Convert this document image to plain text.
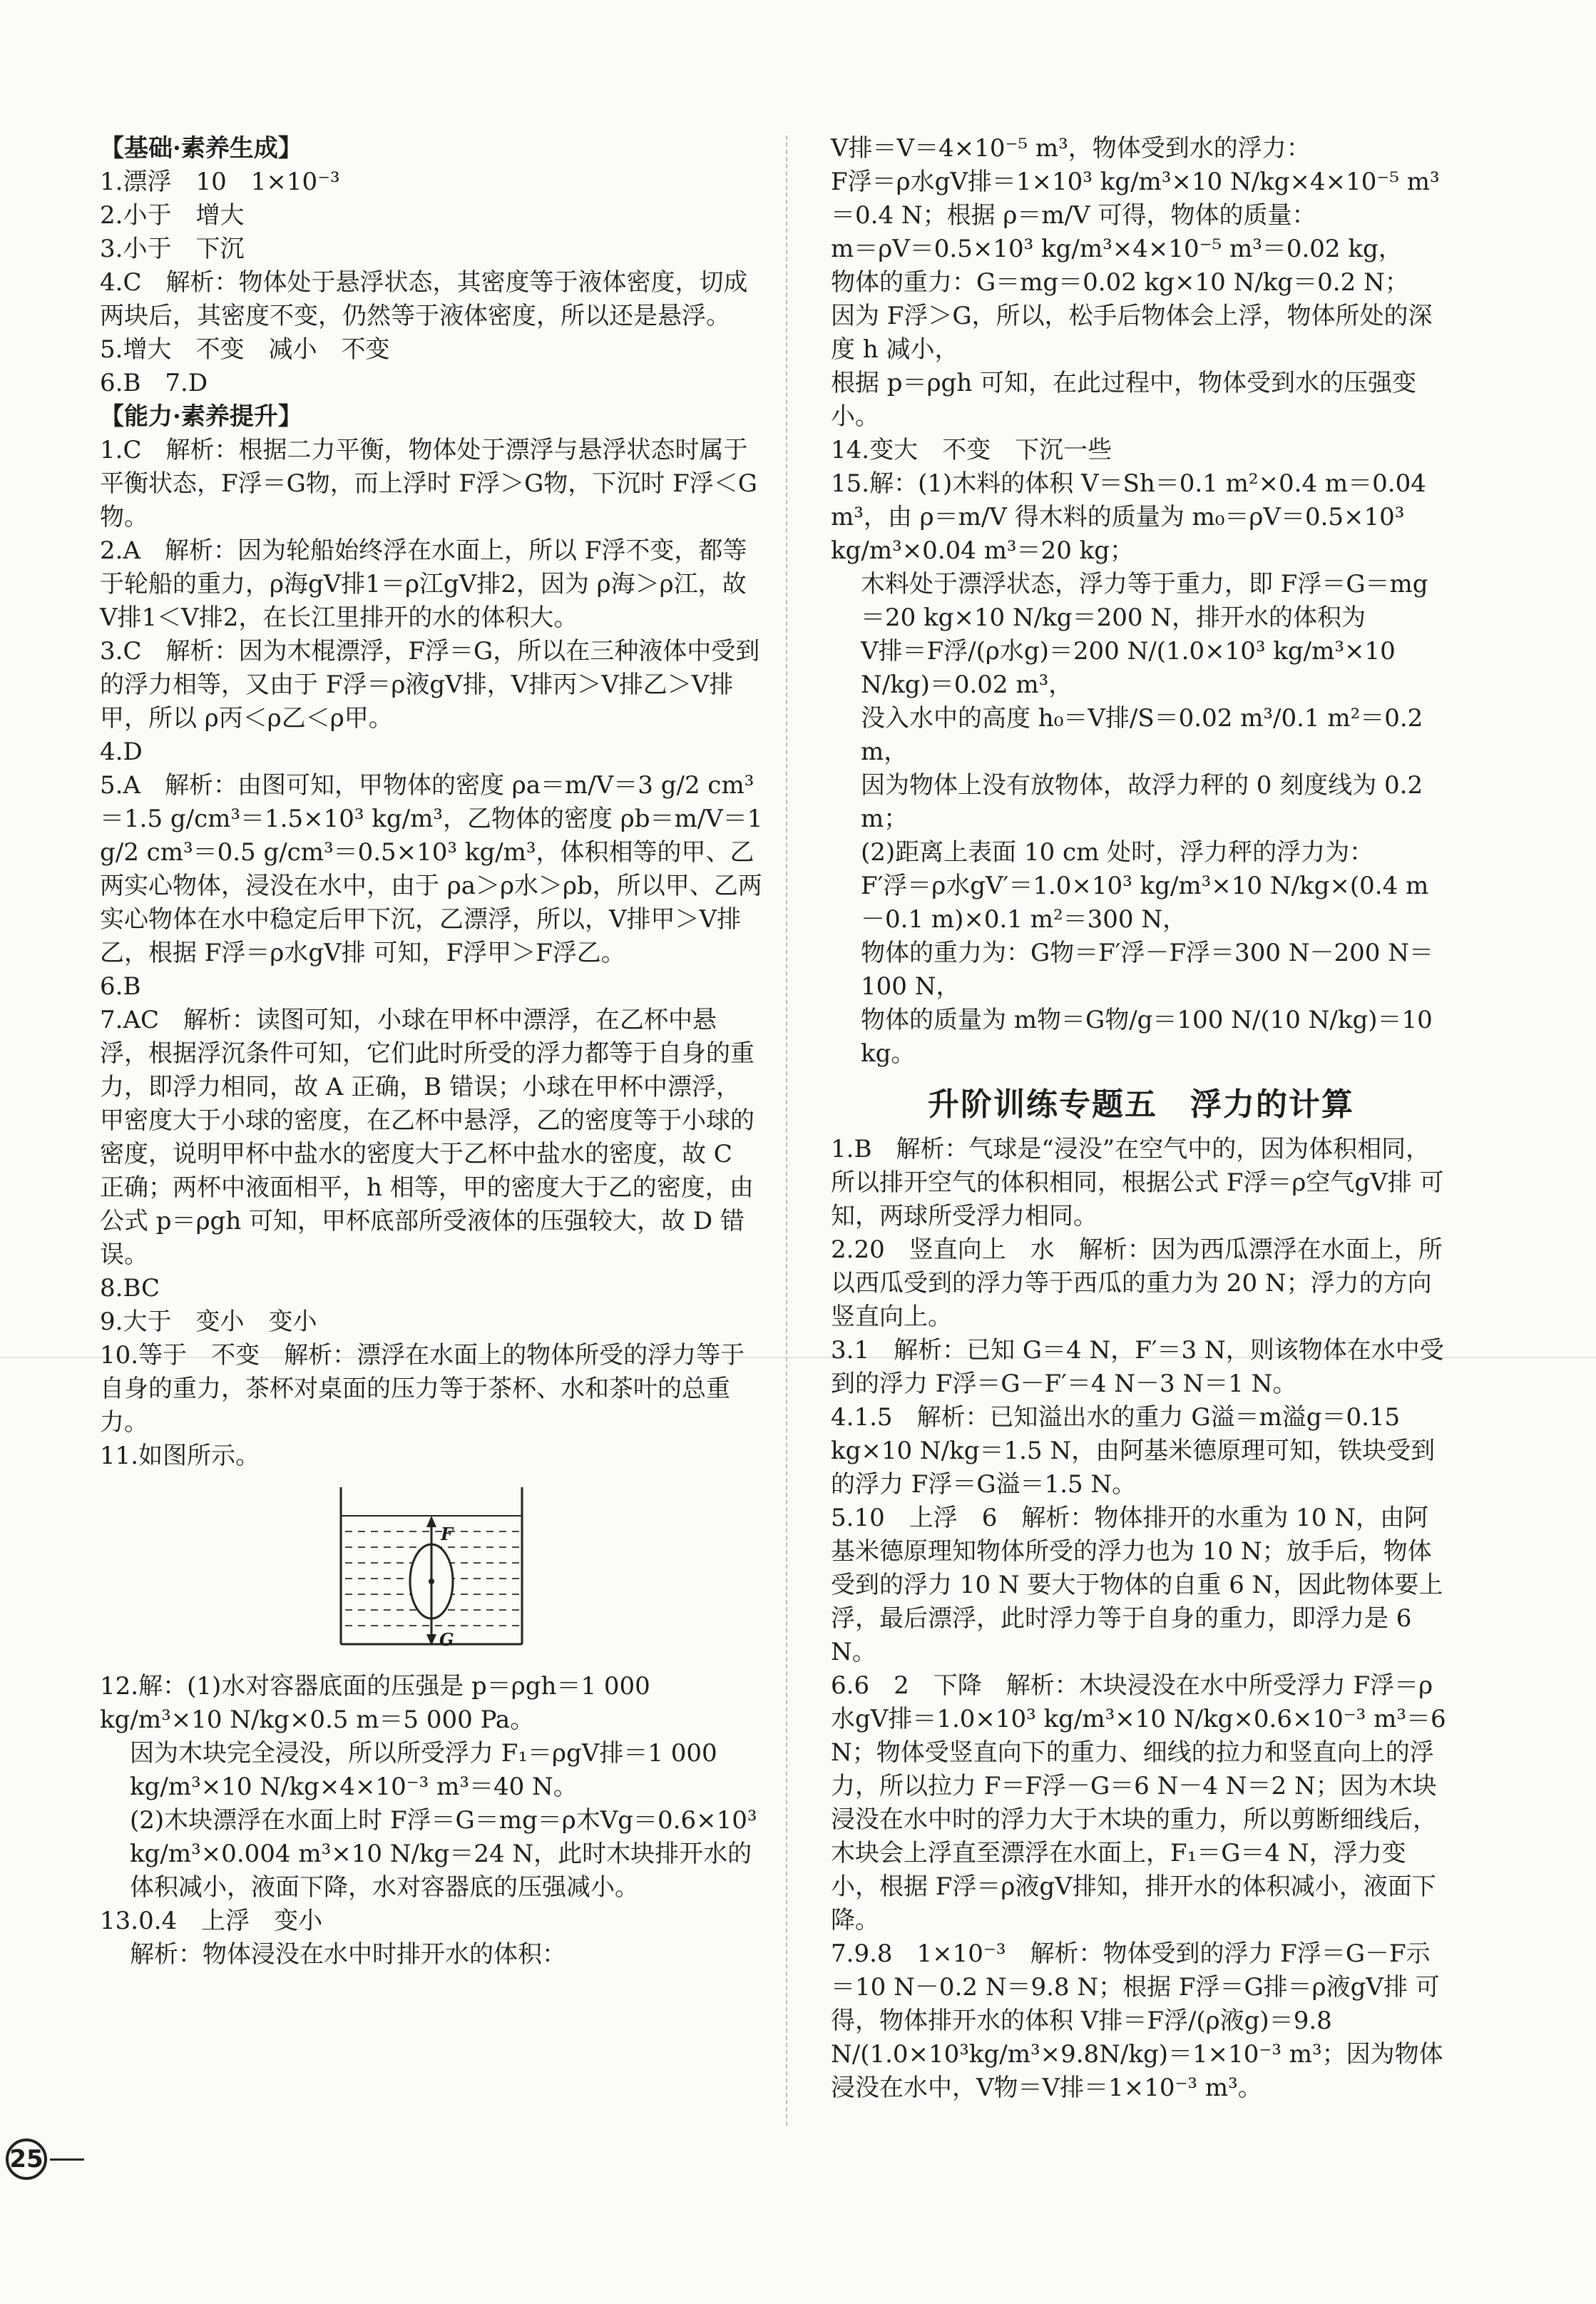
【基础·素养生成】

1.漂浮　10　1×10⁻³

2.小于　增大

3.小于　下沉

4.C　解析：物体处于悬浮状态，其密度等于液体密度，切成两块后，其密度不变，仍然等于液体密度，所以还是悬浮。

5.增大　不变　减小　不变

6.B　7.D

【能力·素养提升】

1.C　解析：根据二力平衡，物体处于漂浮与悬浮状态时属于平衡状态，F浮＝G物，而上浮时 F浮＞G物，下沉时 F浮＜G物。

2.A　解析：因为轮船始终浮在水面上，所以 F浮不变，都等于轮船的重力，ρ海gV排1＝ρ江gV排2，因为 ρ海＞ρ江，故 V排1＜V排2，在长江里排开的水的体积大。

3.C　解析：因为木棍漂浮，F浮＝G，所以在三种液体中受到的浮力相等，又由于 F浮＝ρ液gV排，V排丙＞V排乙＞V排甲，所以 ρ丙＜ρ乙＜ρ甲。

4.D

5.A　解析：由图可知，甲物体的密度 ρa＝m/V＝3 g/2 cm³＝1.5 g/cm³＝1.5×10³ kg/m³，乙物体的密度 ρb＝m/V＝1 g/2 cm³＝0.5 g/cm³＝0.5×10³ kg/m³，体积相等的甲、乙两实心物体，浸没在水中，由于 ρa＞ρ水＞ρb，所以甲、乙两实心物体在水中稳定后甲下沉，乙漂浮，所以，V排甲＞V排乙，根据 F浮＝ρ水gV排 可知，F浮甲＞F浮乙。

6.B

7.AC　解析：读图可知，小球在甲杯中漂浮，在乙杯中悬浮，根据浮沉条件可知，它们此时所受的浮力都等于自身的重力，即浮力相同，故 A 正确，B 错误；小球在甲杯中漂浮，甲密度大于小球的密度，在乙杯中悬浮，乙的密度等于小球的密度，说明甲杯中盐水的密度大于乙杯中盐水的密度，故 C 正确；两杯中液面相平，h 相等，甲的密度大于乙的密度，由公式 p＝ρgh 可知，甲杯底部所受液体的压强较大，故 D 错误。

8.BC

9.大于　变小　变小

10.等于　不变　解析：漂浮在水面上的物体所受的浮力等于自身的重力，茶杯对桌面的压力等于茶杯、水和茶叶的总重力。

11.如图所示。

F
G

12.解：(1)水对容器底面的压强是 p＝ρgh＝1 000 kg/m³×10 N/kg×0.5 m＝5 000 Pa。

因为木块完全浸没，所以所受浮力 F₁＝ρgV排＝1 000 kg/m³×10 N/kg×4×10⁻³ m³＝40 N。

(2)木块漂浮在水面上时 F浮＝G＝mg＝ρ木Vg＝0.6×10³ kg/m³×0.004 m³×10 N/kg＝24 N，此时木块排开水的体积减小，液面下降，水对容器底的压强减小。

13.0.4　上浮　变小

解析：物体浸没在水中时排开水的体积：

V排＝V＝4×10⁻⁵ m³，物体受到水的浮力：

F浮＝ρ水gV排＝1×10³ kg/m³×10 N/kg×4×10⁻⁵ m³＝0.4 N；根据 ρ＝m/V 可得，物体的质量：

m＝ρV＝0.5×10³ kg/m³×4×10⁻⁵ m³＝0.02 kg，

物体的重力：G＝mg＝0.02 kg×10 N/kg＝0.2 N；

因为 F浮＞G，所以，松手后物体会上浮，物体所处的深度 h 减小，

根据 p＝ρgh 可知，在此过程中，物体受到水的压强变小。

14.变大　不变　下沉一些

15.解：(1)木料的体积 V＝Sh＝0.1 m²×0.4 m＝0.04 m³，由 ρ＝m/V 得木料的质量为 m₀＝ρV＝0.5×10³ kg/m³×0.04 m³＝20 kg；

木料处于漂浮状态，浮力等于重力，即 F浮＝G＝mg＝20 kg×10 N/kg＝200 N，排开水的体积为

V排＝F浮/(ρ水g)＝200 N/(1.0×10³ kg/m³×10 N/kg)＝0.02 m³，

没入水中的高度 h₀＝V排/S＝0.02 m³/0.1 m²＝0.2 m，

因为物体上没有放物体，故浮力秤的 0 刻度线为 0.2 m；

(2)距离上表面 10 cm 处时，浮力秤的浮力为：

F′浮＝ρ水gV′＝1.0×10³ kg/m³×10 N/kg×(0.4 m－0.1 m)×0.1 m²＝300 N，

物体的重力为：G物＝F′浮－F浮＝300 N－200 N＝100 N，

物体的质量为 m物＝G物/g＝100 N/(10 N/kg)＝10 kg。

升阶训练专题五　浮力的计算

1.B　解析：气球是“浸没”在空气中的，因为体积相同，所以排开空气的体积相同，根据公式 F浮＝ρ空气gV排 可知，两球所受浮力相同。

2.20　竖直向上　水　解析：因为西瓜漂浮在水面上，所以西瓜受到的浮力等于西瓜的重力为 20 N；浮力的方向竖直向上。

3.1　解析：已知 G＝4 N，F′＝3 N，则该物体在水中受到的浮力 F浮＝G－F′＝4 N－3 N＝1 N。

4.1.5　解析：已知溢出水的重力 G溢＝m溢g＝0.15 kg×10 N/kg＝1.5 N，由阿基米德原理可知，铁块受到的浮力 F浮＝G溢＝1.5 N。

5.10　上浮　6　解析：物体排开的水重为 10 N，由阿基米德原理知物体所受的浮力也为 10 N；放手后，物体受到的浮力 10 N 要大于物体的自重 6 N，因此物体要上浮，最后漂浮，此时浮力等于自身的重力，即浮力是 6 N。

6.6　2　下降　解析：木块浸没在水中所受浮力 F浮＝ρ水gV排＝1.0×10³ kg/m³×10 N/kg×0.6×10⁻³ m³＝6 N；物体受竖直向下的重力、细线的拉力和竖直向上的浮力，所以拉力 F＝F浮－G＝6 N－4 N＝2 N；因为木块浸没在水中时的浮力大于木块的重力，所以剪断细线后，木块会上浮直至漂浮在水面上，F₁＝G＝4 N，浮力变小，根据 F浮＝ρ液gV排知，排开水的体积减小，液面下降。

7.9.8　1×10⁻³　解析：物体受到的浮力 F浮＝G－F示＝10 N－0.2 N＝9.8 N；根据 F浮＝G排＝ρ液gV排 可得，物体排开水的体积 V排＝F浮/(ρ液g)＝9.8 N/(1.0×10³kg/m³×9.8N/kg)＝1×10⁻³ m³；因为物体浸没在水中，V物＝V排＝1×10⁻³ m³。

25
